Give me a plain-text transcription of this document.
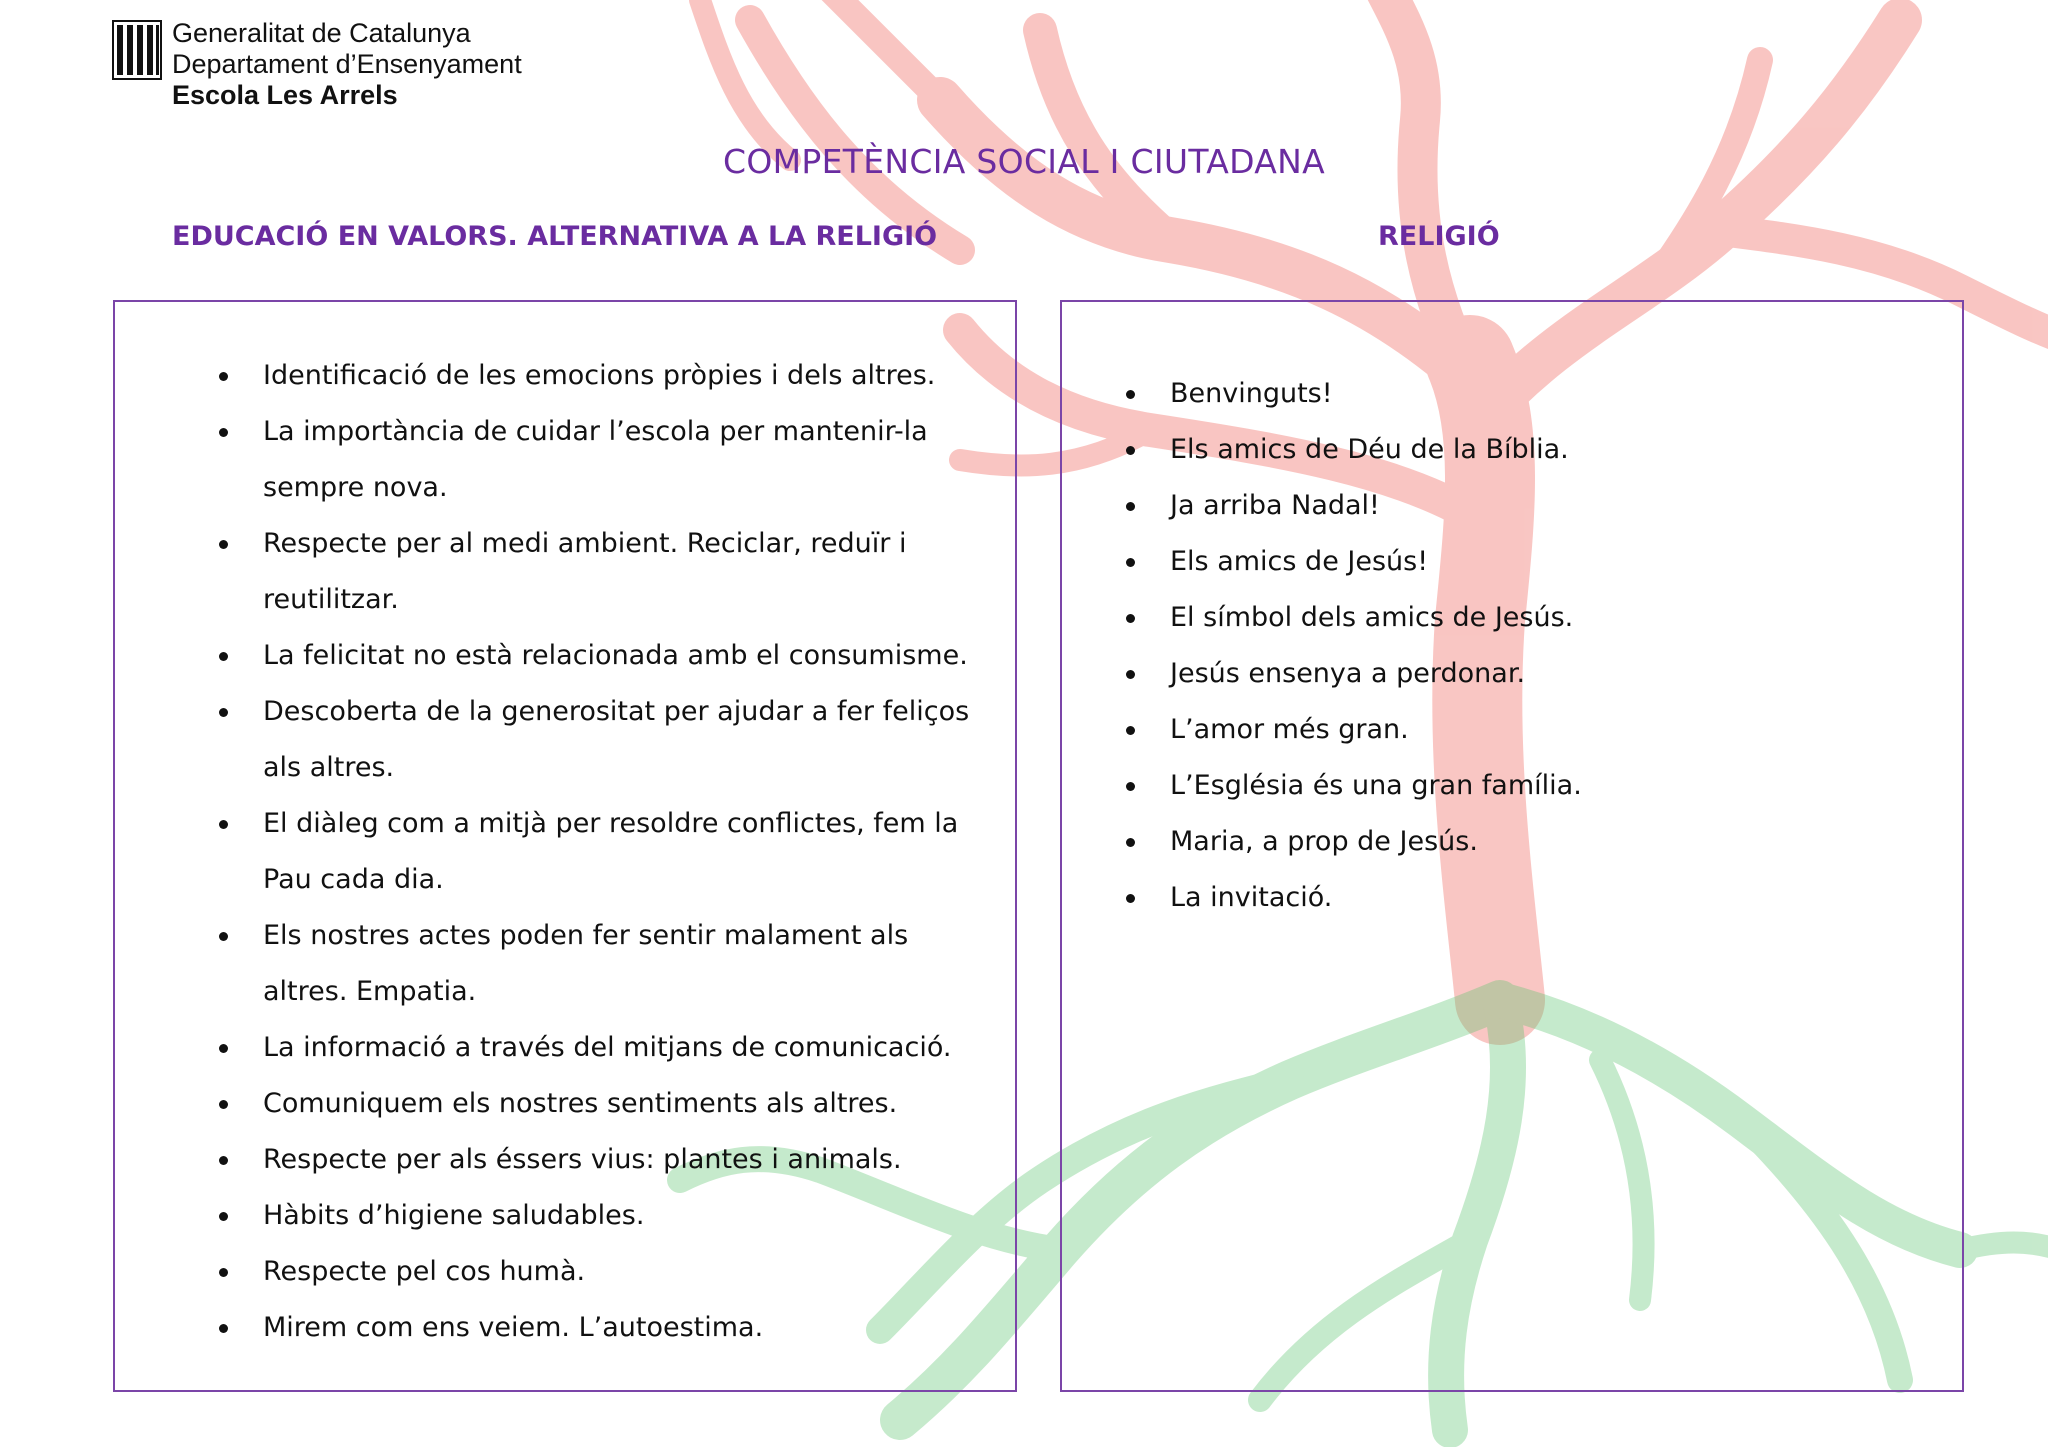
Generalitat de Catalunya
Departament d’Ensenyament
Escola Les Arrels
COMPETÈNCIA SOCIAL I CIUTADANA
EDUCACIÓ EN VALORS. ALTERNATIVA A LA RELIGIÓ	RELIGIÓ
Identificació de les emocions pròpies i dels altres.
La importància de cuidar l’escola per mantenir-la sempre nova.
Respecte per al medi ambient. Reciclar, reduïr i reutilitzar.
La felicitat no està relacionada amb el consumisme.
Descoberta de la generositat per ajudar a fer feliços als altres.
El diàleg com a mitjà per resoldre conflictes, fem la Pau cada dia.
Els nostres actes poden fer sentir malament als altres. Empatia.
La informació a través del mitjans de comunicació.
Comuniquem els nostres sentiments als altres.
Respecte per als éssers vius: plantes i animals.
Hàbits d’higiene saludables.
Respecte pel cos humà.
Mirem com ens veiem. L’autoestima.
Benvinguts!
Els amics de Déu de la Bíblia.
Ja arriba Nadal!
Els amics de Jesús!
El símbol dels amics de Jesús.
Jesús ensenya a perdonar.
L’amor més gran.
L’Església és una gran família.
Maria, a prop de Jesús.
La invitació.
